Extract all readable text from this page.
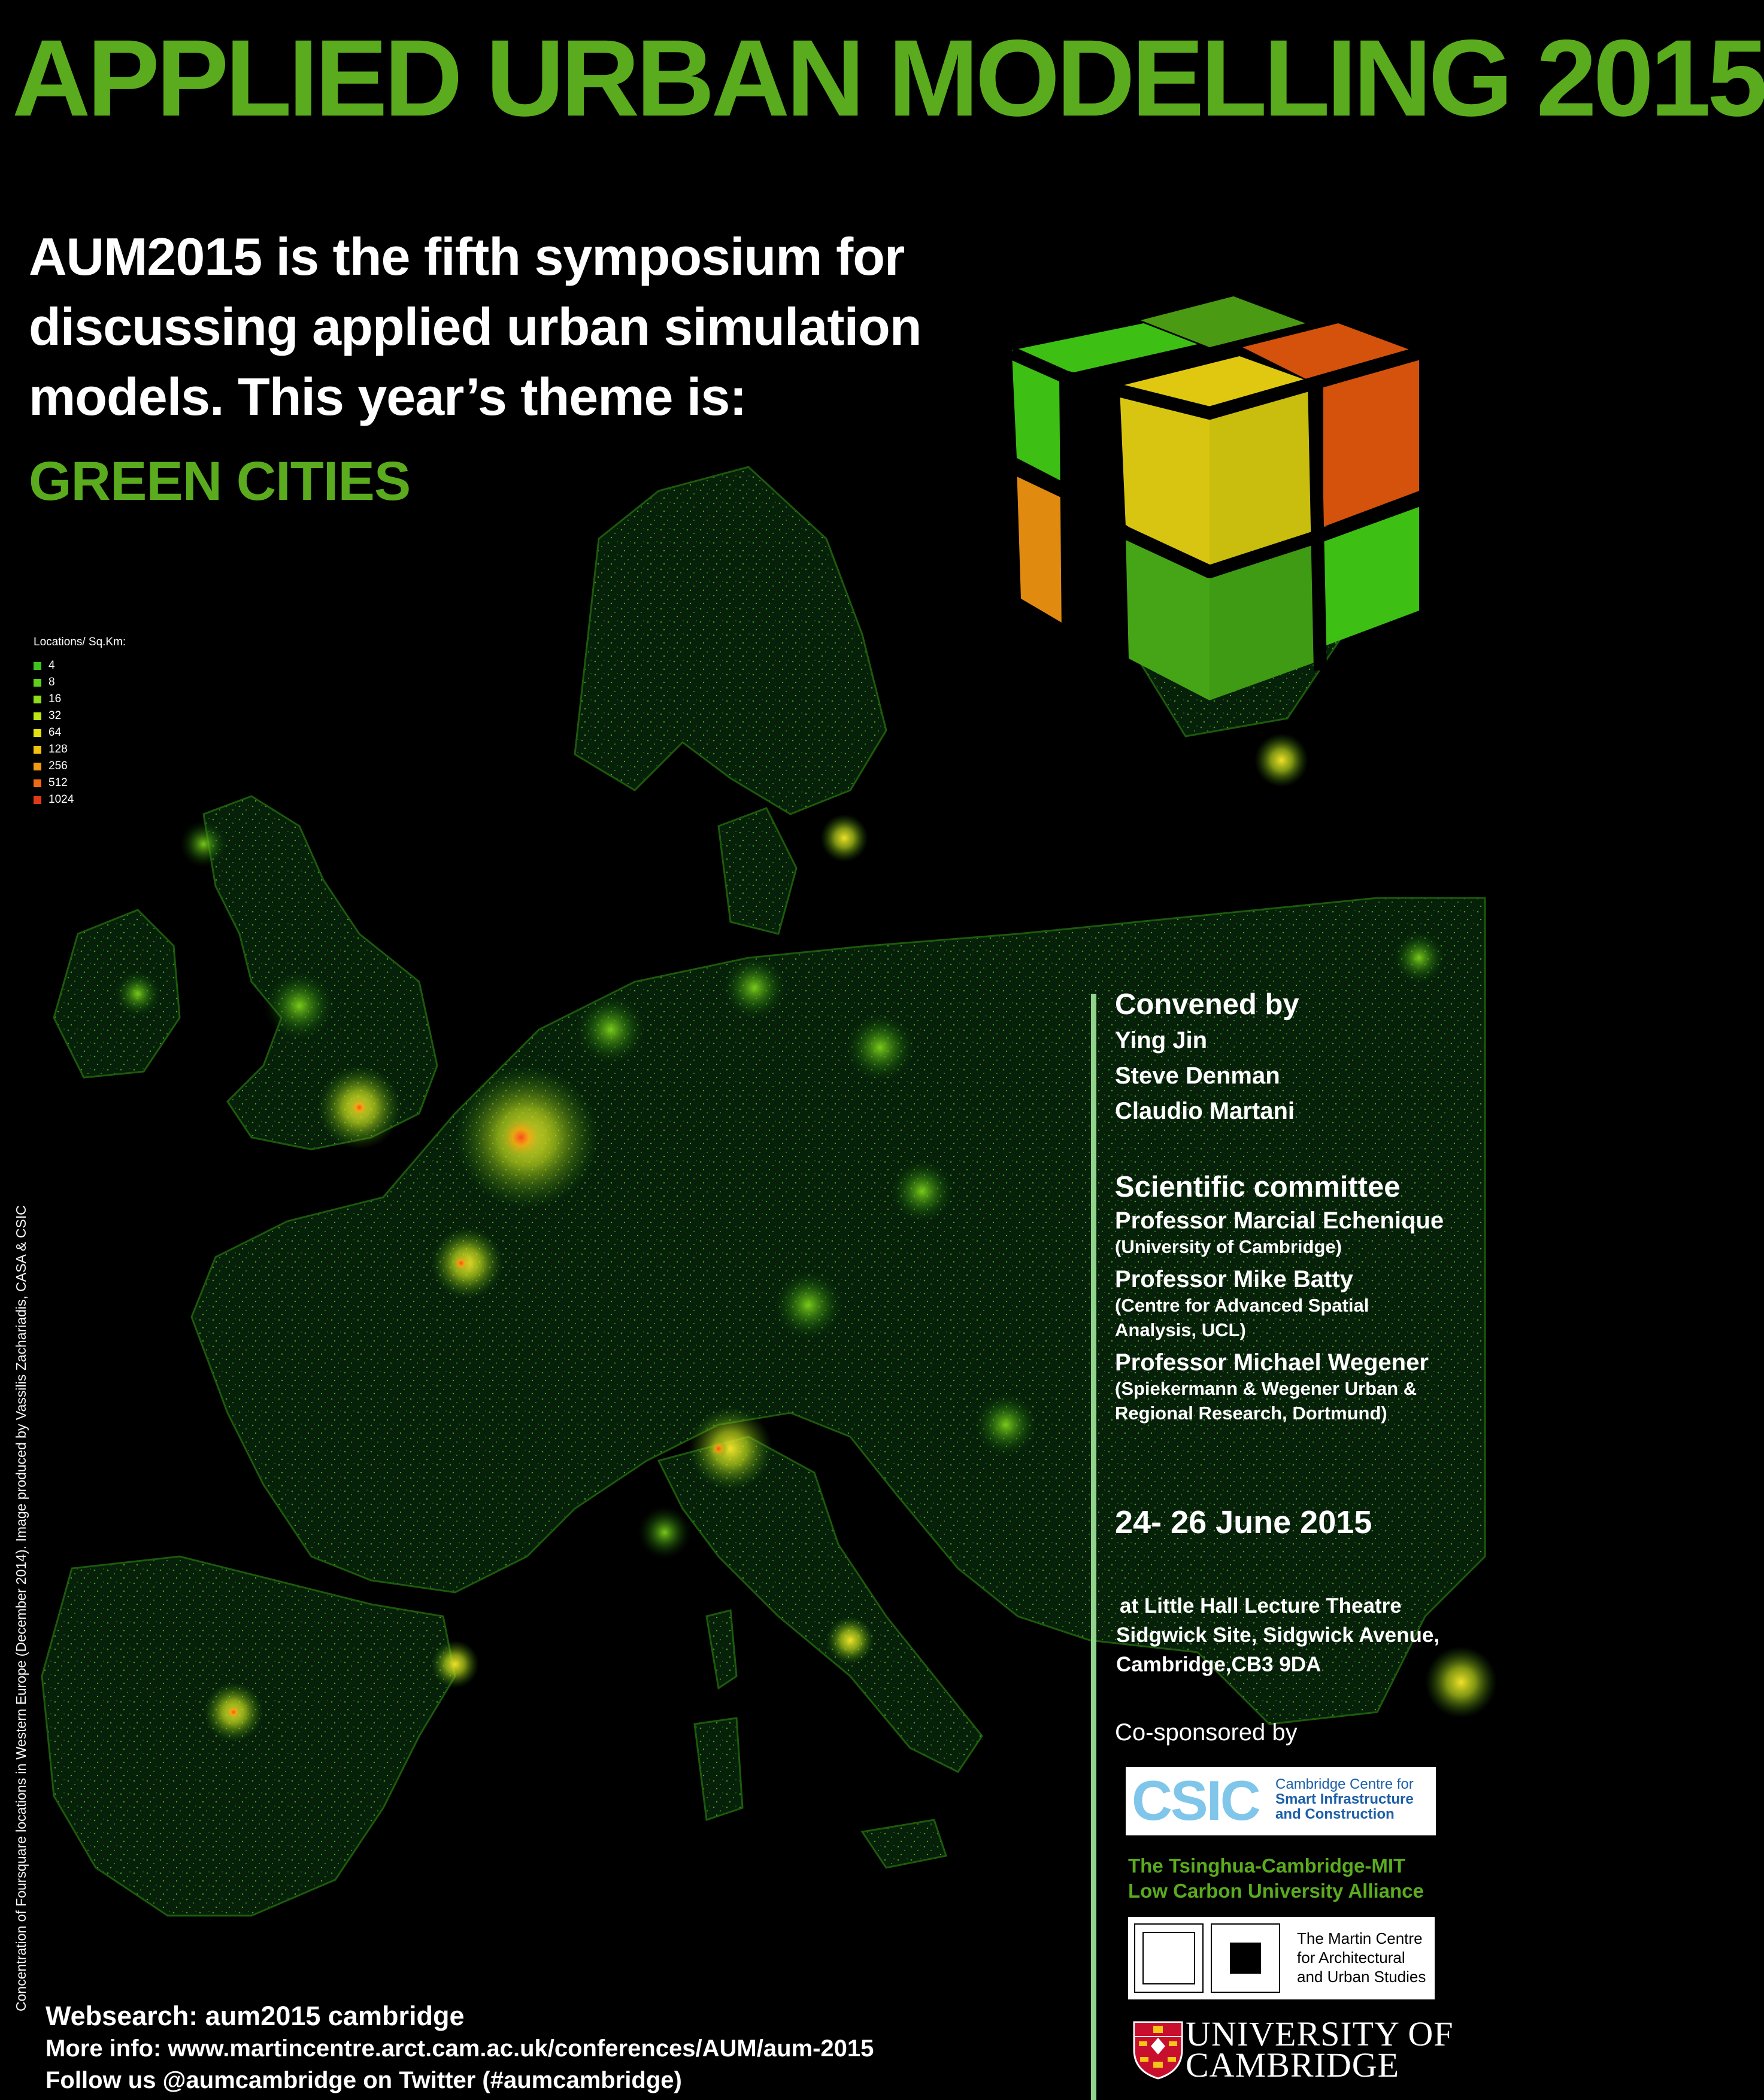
APPLIED URBAN MODELLING 2015
AUM2015 is the fifth symposium for discussing applied urban simulation models. This year’s theme is:
GREEN CITIES
Locations/ Sq.Km:
4
8
16
32
64
128
256
512
1024
Concentration of Foursquare locations in Western Europe (December 2014). Image produced by Vassilis Zachariadis, CASA & CSIC
Convened by
Ying Jin
Steve Denman
Claudio Martani
Scientific committee
Professor Marcial Echenique
(University of Cambridge)
Professor Mike Batty
(Centre for Advanced Spatial Analysis, UCL)
Professor Michael Wegener
(Spiekermann & Wegener Urban & Regional Research, Dortmund)
24- 26 June 2015
at Little Hall Lecture Theatre
Sidgwick Site, Sidgwick Avenue,
Cambridge,CB3 9DA
Co-sponsored by
CSIC Cambridge Centre for
Smart Infrastructure
and Construction
The Tsinghua-Cambridge-MIT
Low Carbon University Alliance
The Martin Centre
for Architectural
and Urban Studies
UNIVERSITY OF
CAMBRIDGE
Websearch: aum2015 cambridge
More info: www.martincentre.arct.cam.ac.uk/conferences/AUM/aum-2015
Follow us @aumcambridge on Twitter (#aumcambridge)
